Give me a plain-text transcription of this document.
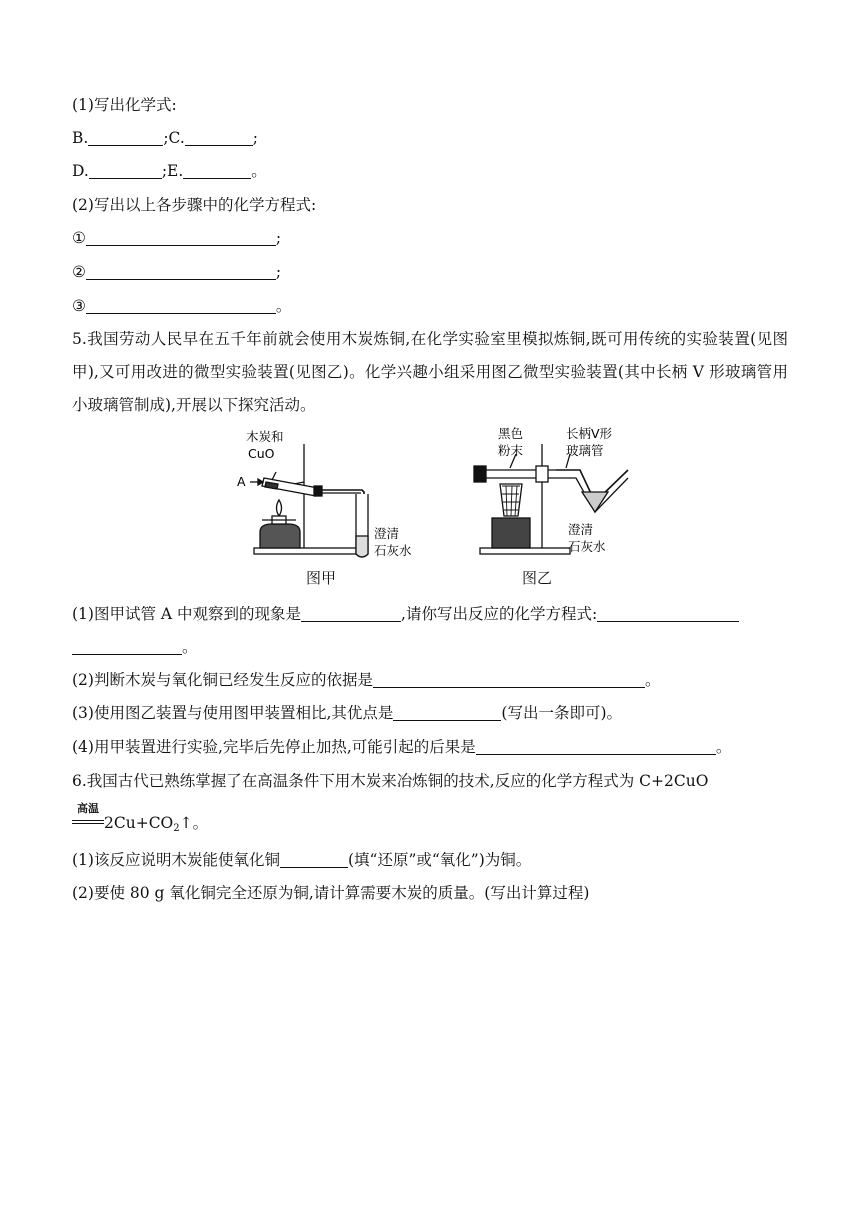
(1)写出化学式:
B.	;C.	;
D.	;E.	。
(2)写出以上各步骤中的化学方程式:
①	;
②	;
③	。

5.我国劳动人民早在五千年前就会使用木炭炼铜,在化学实验室里模拟炼铜,既可用传统的实验装置(见图甲),又可用改进的微型实验装置(见图乙)。化学兴趣小组采用图乙微型实验装置(其中长柄 V 形玻璃管用小玻璃管制成),开展以下探究活动。

木炭和
CuO
A
澄清
石灰水
图甲
黑色
粉末
长柄V形
玻璃管
澄清
石灰水
图乙
(1)图甲试管 A 中观察到的现象是	,请你写出反应的化学方程式:
。
(2)判断木炭与氧化铜已经发生反应的依据是	。
(3)使用图乙装置与使用图甲装置相比,其优点是	(写出一条即可)。
(4)用甲装置进行实验,完毕后先停止加热,可能引起的后果是	。
6.我国古代已熟练掌握了在高温条件下用木炭来冶炼铜的技术,反应的化学方程式为 C+2CuO
高温
$2Cu+CO_2↑$。
(1)该反应说明木炭能使氧化铜	(填“还原”或“氧化”)为铜。
(2)要使 80 g 氧化铜完全还原为铜,请计算需要木炭的质量。(写出计算过程)
